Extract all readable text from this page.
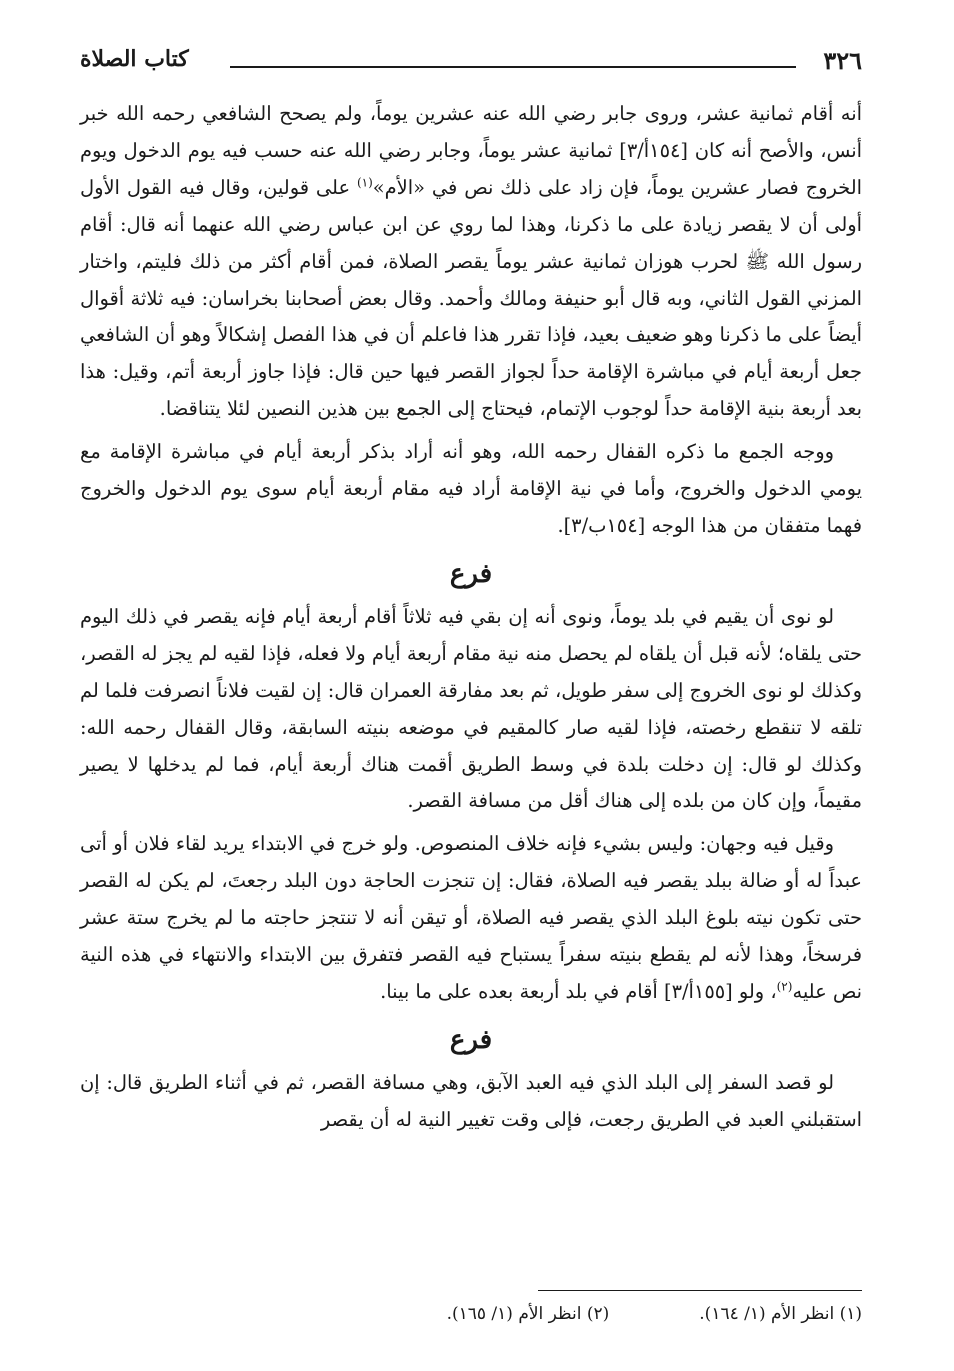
٣٢٦
كتاب الصلاة

أنه أقام ثمانية عشر، وروى جابر رضي الله عنه عشرين يوماً، ولم يصحح الشافعي رحمه الله خبر أنس، والأصح أنه كان [١٥٤أ/٣] ثمانية عشر يوماً، وجابر رضي الله عنه حسب فيه يوم الدخول ويوم الخروج فصار عشرين يوماً، فإن زاد على ذلك نص في «الأم»$^{(١)}$ على قولين، وقال فيه القول الأول أولى أن لا يقصر زيادة على ما ذكرنا، وهذا لما روي عن ابن عباس رضي الله عنهما أنه قال: أقام رسول الله ﷺ لحرب هوزان ثمانية عشر يوماً يقصر الصلاة، فمن أقام أكثر من ذلك فليتم، واختار المزني القول الثاني، وبه قال أبو حنيفة ومالك وأحمد. وقال بعض أصحابنا بخراسان: فيه ثلاثة أقوال أيضاً على ما ذكرنا وهو ضعيف بعيد، فإذا تقرر هذا فاعلم أن في هذا الفصل إشكالاً وهو أن الشافعي جعل أربعة أيام في مباشرة الإقامة حداً لجواز القصر فيها حين قال: فإذا جاوز أربعة أتم، وقيل: هذا بعد أربعة بنية الإقامة حداً لوجوب الإتمام، فيحتاج إلى الجمع بين هذين النصين لئلا يتناقضا.

ووجه الجمع ما ذكره القفال رحمه الله، وهو أنه أراد بذكر أربعة أيام في مباشرة الإقامة مع يومي الدخول والخروج، وأما في نية الإقامة أراد فيه مقام أربعة أيام سوى يوم الدخول والخروج فهما متفقان من هذا الوجه [١٥٤ب/٣].

فرع

لو نوى أن يقيم في بلد يوماً، ونوى أنه إن بقي فيه ثلاثاً أقام أربعة أيام فإنه يقصر في ذلك اليوم حتى يلقاه؛ لأنه قبل أن يلقاه لم يحصل منه نية مقام أربعة أيام ولا فعله، فإذا لقيه لم يجز له القصر، وكذلك لو نوى الخروج إلى سفر طويل، ثم بعد مفارقة العمران قال: إن لقيت فلاناً انصرفت فلما لم تلقه لا تنقطع رخصته، فإذا لقيه صار كالمقيم في موضعه بنيته السابقة، وقال القفال رحمه الله: وكذلك لو قال: إن دخلت بلدة في وسط الطريق أقمت هناك أربعة أيام، فما لم يدخلها لا يصير مقيماً، وإن كان من بلده إلى هناك أقل من مسافة القصر.

وقيل فيه وجهان: وليس بشيء فإنه خلاف المنصوص. ولو خرج في الابتداء يريد لقاء فلان أو أتى عبداً له أو ضالة ببلد يقصر فيه الصلاة، فقال: إن تنجزت الحاجة دون البلد رجعتَ، لم يكن له القصر حتى تكون نيته بلوغ البلد الذي يقصر فيه الصلاة، أو تيقن أنه لا تنتجز حاجته ما لم يخرج ستة عشر فرسخاً، وهذا لأنه لم يقطع بنيته سفراً يستباح فيه القصر فتفرق بين الابتداء والانتهاء في هذه النية نص عليه$^{(٢)}$، ولو [١٥٥أ/٣] أقام في بلد أربعة بعده على ما بينا.

فرع

لو قصد السفر إلى البلد الذي فيه العبد الآبق، وهي مسافة القصر، ثم في أثناء الطريق قال: إن استقبلني العبد في الطريق رجعت، فإلى وقت تغيير النية له أن يقصر

(١) انظر الأم (١/ ١٦٤).
(٢) انظر الأم (١/ ١٦٥).
